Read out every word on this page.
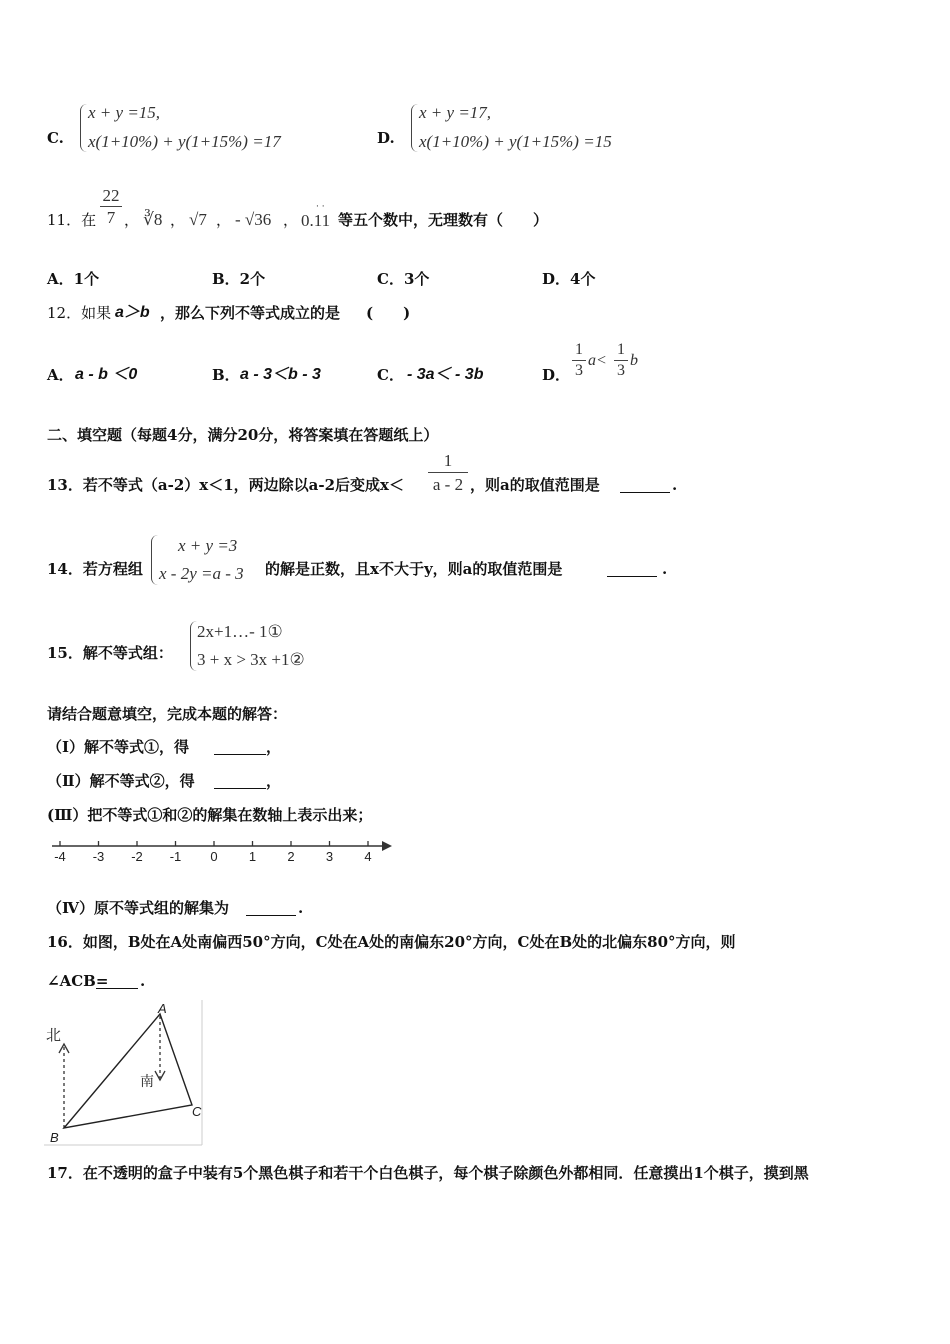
C.
x + y =15,
x(1+10%) + y(1+15%) =17	D.
x + y =17,
x(1+10%) + y(1+15%) =15
11．在 $\frac{22}{7}$ ， ∛8 ， √7 ， - √36 ，
· ·
0.11 等五个数中，无理数有（　　）
A．1个	B．2个	C．3个	D．4个
12．如果 a＞b ，那么下列不等式成立的是 (　　)
A． a - b ＜0	B． a - 3＜b - 3	C． - 3a＜ - 3b	D． $\frac{1}{3} a< \frac{1}{3}$ b
二、填空题（每题4分，满分20分，将答案填在答题纸上）
13．若不等式（a-2）x＜1，两边除以a-2后变成$x< \frac{1}{a - 2}$ ，则a的取值范围是	.
14．若方程组
x + y =3
x - 2y =a - 3 的解是正数，且x不大于y，则a的取值范围是	.
15．解不等式组：
2x+1…- 1①
3 + x > 3x +1②
请结合题意填空，完成本题的解答：
（Ⅰ）解不等式①，得	，
（Ⅱ）解不等式②，得	，
(Ⅲ）把不等式①和②的解集在数轴上表示出来；
-4 -3 -2 -1 0 1 2 3 4
（Ⅳ）原不等式组的解集为	.
16．如图，B处在A处南偏西50°方向，C处在A处的南偏东20°方向，C处在B处的北偏东80°方向，则
∠ACB= .
北
南
A
B
C
17．在不透明的盒子中装有5个黑色棋子和若干个白色棋子，每个棋子除颜色外都相同．任意摸出1个棋子，摸到黑
